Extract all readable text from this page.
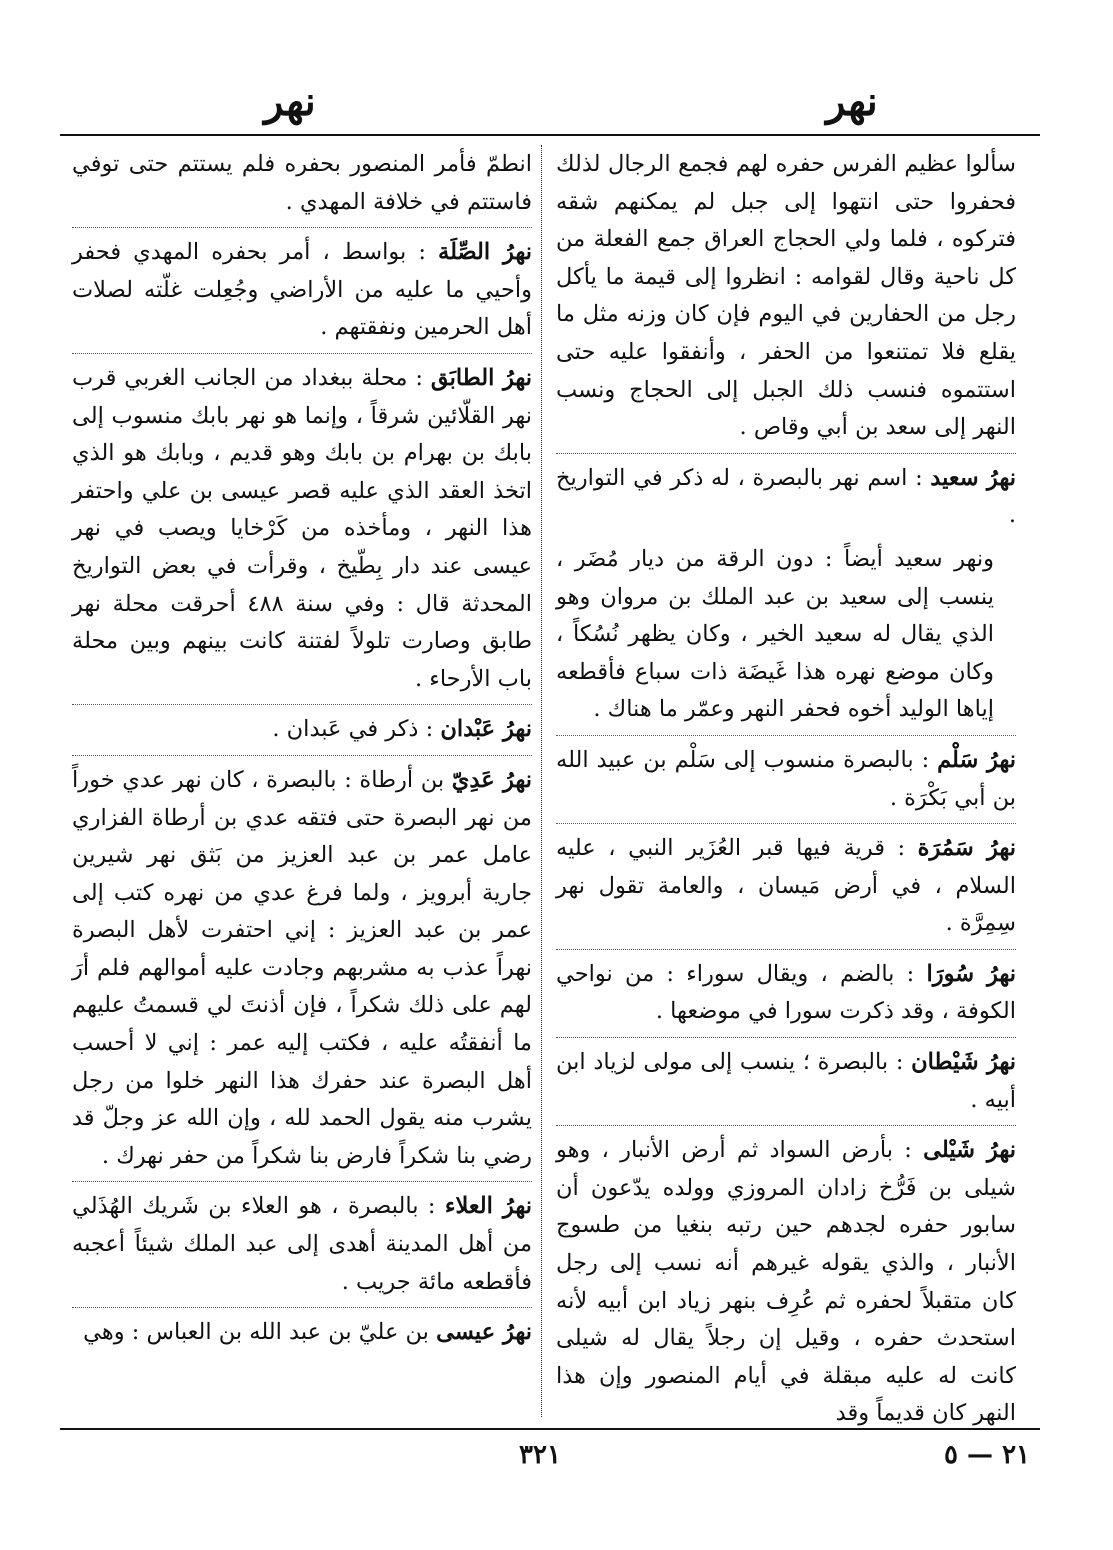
نهر
نهر
سألوا عظيم الفرس حفره لهم فجمع الرجال لذلك فحفروا حتى انتهوا إلى جبل لم يمكنهم شقه فتركوه ، فلما ولي الحجاج العراق جمع الفعلة من كل ناحية وقال لقوامه : انظروا إلى قيمة ما يأكل رجل من الحفارين في اليوم فإن كان وزنه مثل ما يقلع فلا تمتنعوا من الحفر ، وأنفقوا عليه حتى استتموه فنسب ذلك الجبل إلى الحجاج ونسب النهر إلى سعد بن أبي وقاص .
نهرُ سعيد : اسم نهر بالبصرة ، له ذكر في التواريخ .
ونهر سعيد أيضاً : دون الرقة من ديار مُضَر ، ينسب إلى سعيد بن عبد الملك بن مروان وهو الذي يقال له سعيد الخير ، وكان يظهر نُسُكاً ، وكان موضع نهره هذا غَيضَة ذات سباع فأقطعه إياها الوليد أخوه فحفر النهر وعمّر ما هناك .
نهرُ سَلْم : بالبصرة منسوب إلى سَلْم بن عبيد الله بن أبي بَكْرَة .
نهرُ سَمُرَة : قرية فيها قبر العُزَير النبي ، عليه السلام ، في أرض مَيسان ، والعامة تقول نهر سِمِرَّة .
نهرُ سُورَا : بالضم ، ويقال سوراء : من نواحي الكوفة ، وقد ذكرت سورا في موضعها .
نهرُ شَيْطان : بالبصرة ؛ ينسب إلى مولى لزياد ابن أبيه .
نهرُ شَيْلى : بأرض السواد ثم أرض الأنبار ، وهو شيلى بن فَرُّخ زادان المروزي وولده يدّعون أن سابور حفره لجدهم حين رتبه بنغيا من طسوج الأنبار ، والذي يقوله غيرهم أنه نسب إلى رجل كان متقبلاً لحفره ثم عُرِف بنهر زياد ابن أبيه لأنه استحدث حفره ، وقيل إن رجلاً يقال له شيلى كانت له عليه مبقلة في أيام المنصور وإن هذا النهر كان قديماً وقد
انطمّ فأمر المنصور بحفره فلم يستتم حتى توفي فاستتم في خلافة المهدي .
نهرُ الصِّلَة : بواسط ، أمر بحفره المهدي فحفر وأحيي ما عليه من الأراضي وجُعِلت غلّته لصلات أهل الحرمين ونفقتهم .
نهرُ الطابَق : محلة ببغداد من الجانب الغربي قرب نهر القلّائين شرقاً ، وإنما هو نهر بابك منسوب إلى بابك بن بهرام بن بابك وهو قديم ، وبابك هو الذي اتخذ العقد الذي عليه قصر عيسى بن علي واحتفر هذا النهر ، ومأخذه من كَرْخايا ويصب في نهر عيسى عند دار بِطّيخ ، وقرأت في بعض التواريخ المحدثة قال : وفي سنة ٤٨٨ أحرقت محلة نهر طابق وصارت تلولاً لفتنة كانت بينهم وبين محلة باب الأرحاء .
نهرُ عَبْدان : ذكر في عَبدان .
نهرُ عَدِيّ بن أرطاة : بالبصرة ، كان نهر عدي خوراً من نهر البصرة حتى فتقه عدي بن أرطاة الفزاري عامل عمر بن عبد العزيز من بَثق نهر شيرين جارية أبرويز ، ولما فرغ عدي من نهره كتب إلى عمر بن عبد العزيز : إني احتفرت لأهل البصرة نهراً عذب به مشربهم وجادت عليه أموالهم فلم أرَ لهم على ذلك شكراً ، فإن أذنتَ لي قسمتُ عليهم ما أنفقتُه عليه ، فكتب إليه عمر : إني لا أحسب أهل البصرة عند حفرك هذا النهر خلوا من رجل يشرب منه يقول الحمد لله ، وإن الله عز وجلّ قد رضي بنا شكراً فارض بنا شكراً من حفر نهرك .
نهرُ العلاء : بالبصرة ، هو العلاء بن شَريك الهُذَلي من أهل المدينة أهدى إلى عبد الملك شيئاً أعجبه فأقطعه مائة جريب .
نهرُ عيسى بن عليّ بن عبد الله بن العباس : وهي
٣٢١	٢١ — ٥
